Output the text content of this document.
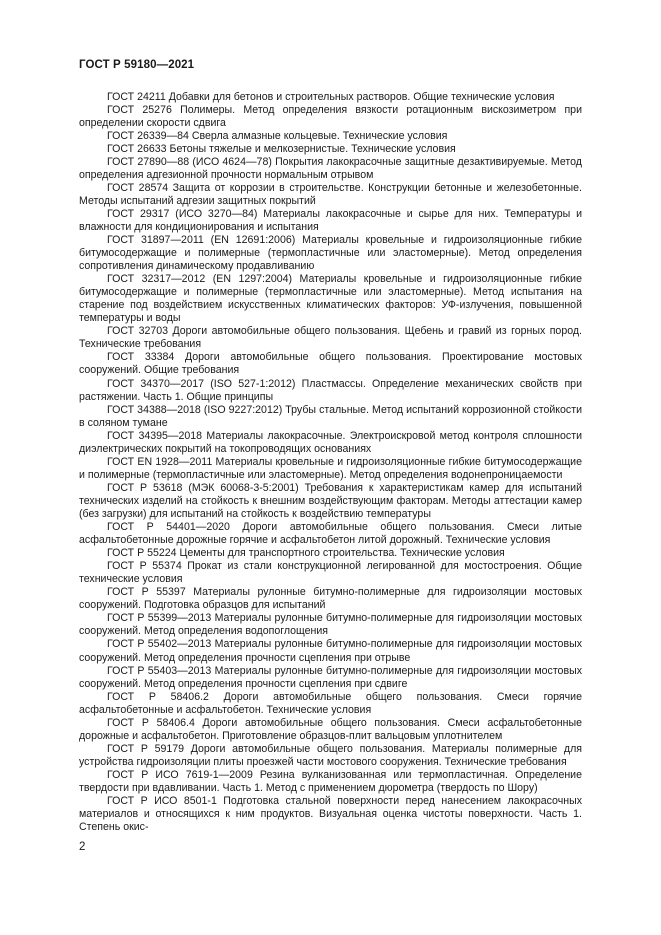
ГОСТ Р 59180—2021

ГОСТ 24211 Добавки для бетонов и строительных растворов. Общие технические условия

ГОСТ 25276 Полимеры. Метод определения вязкости ротационным вискозиметром при определении скорости сдвига

ГОСТ 26339—84 Сверла алмазные кольцевые. Технические условия

ГОСТ 26633 Бетоны тяжелые и мелкозернистые. Технические условия

ГОСТ 27890—88 (ИСО 4624—78) Покрытия лакокрасочные защитные дезактивируемые. Метод определения адгезионной прочности нормальным отрывом

ГОСТ 28574 Защита от коррозии в строительстве. Конструкции бетонные и железобетонные. Методы испытаний адгезии защитных покрытий

ГОСТ 29317 (ИСО 3270—84) Материалы лакокрасочные и сырье для них. Температуры и влажности для кондиционирования и испытания

ГОСТ 31897—2011 (EN 12691:2006) Материалы кровельные и гидроизоляционные гибкие битумосодержащие и полимерные (термопластичные или эластомерные). Метод определения сопротивления динамическому продавливанию

ГОСТ 32317—2012 (EN 1297:2004) Материалы кровельные и гидроизоляционные гибкие битумосодержащие и полимерные (термопластичные или эластомерные). Метод испытания на старение под воздействием искусственных климатических факторов: УФ-излучения, повышенной температуры и воды

ГОСТ 32703 Дороги автомобильные общего пользования. Щебень и гравий из горных пород. Технические требования

ГОСТ 33384 Дороги автомобильные общего пользования. Проектирование мостовых сооружений. Общие требования

ГОСТ 34370—2017 (ISO 527-1:2012) Пластмассы. Определение механических свойств при растяжении. Часть 1. Общие принципы

ГОСТ 34388—2018 (ISO 9227:2012) Трубы стальные. Метод испытаний коррозионной стойкости в соляном тумане

ГОСТ 34395—2018 Материалы лакокрасочные. Электроискровой метод контроля сплошности диэлектрических покрытий на токопроводящих основаниях

ГОСТ EN 1928—2011 Материалы кровельные и гидроизоляционные гибкие битумосодержащие и полимерные (термопластичные или эластомерные). Метод определения водонепроницаемости

ГОСТ Р 53618 (МЭК 60068-3-5:2001) Требования к характеристикам камер для испытаний технических изделий на стойкость к внешним воздействующим факторам. Методы аттестации камер (без загрузки) для испытаний на стойкость к воздействию температуры

ГОСТ Р 54401—2020 Дороги автомобильные общего пользования. Смеси литые асфальтобетонные дорожные горячие и асфальтобетон литой дорожный. Технические условия

ГОСТ Р 55224 Цементы для транспортного строительства. Технические условия

ГОСТ Р 55374 Прокат из стали конструкционной легированной для мостостроения. Общие технические условия

ГОСТ Р 55397 Материалы рулонные битумно-полимерные для гидроизоляции мостовых сооружений. Подготовка образцов для испытаний

ГОСТ Р 55399—2013 Материалы рулонные битумно-полимерные для гидроизоляции мостовых сооружений. Метод определения водопоглощения

ГОСТ Р 55402—2013 Материалы рулонные битумно-полимерные для гидроизоляции мостовых сооружений. Метод определения прочности сцепления при отрыве

ГОСТ Р 55403—2013 Материалы рулонные битумно-полимерные для гидроизоляции мостовых сооружений. Метод определения прочности сцепления при сдвиге

ГОСТ Р 58406.2 Дороги автомобильные общего пользования. Смеси горячие асфальтобетонные и асфальтобетон. Технические условия

ГОСТ Р 58406.4 Дороги автомобильные общего пользования. Смеси асфальтобетонные дорожные и асфальтобетон. Приготовление образцов-плит вальцовым уплотнителем

ГОСТ Р 59179 Дороги автомобильные общего пользования. Материалы полимерные для устройства гидроизоляции плиты проезжей части мостового сооружения. Технические требования

ГОСТ Р ИСО 7619-1—2009 Резина вулканизованная или термопластичная. Определение твердости при вдавливании. Часть 1. Метод с применением дюрометра (твердость по Шору)

ГОСТ Р ИСО 8501-1 Подготовка стальной поверхности перед нанесением лакокрасочных материалов и относящихся к ним продуктов. Визуальная оценка чистоты поверхности. Часть 1. Степень окис-

2
